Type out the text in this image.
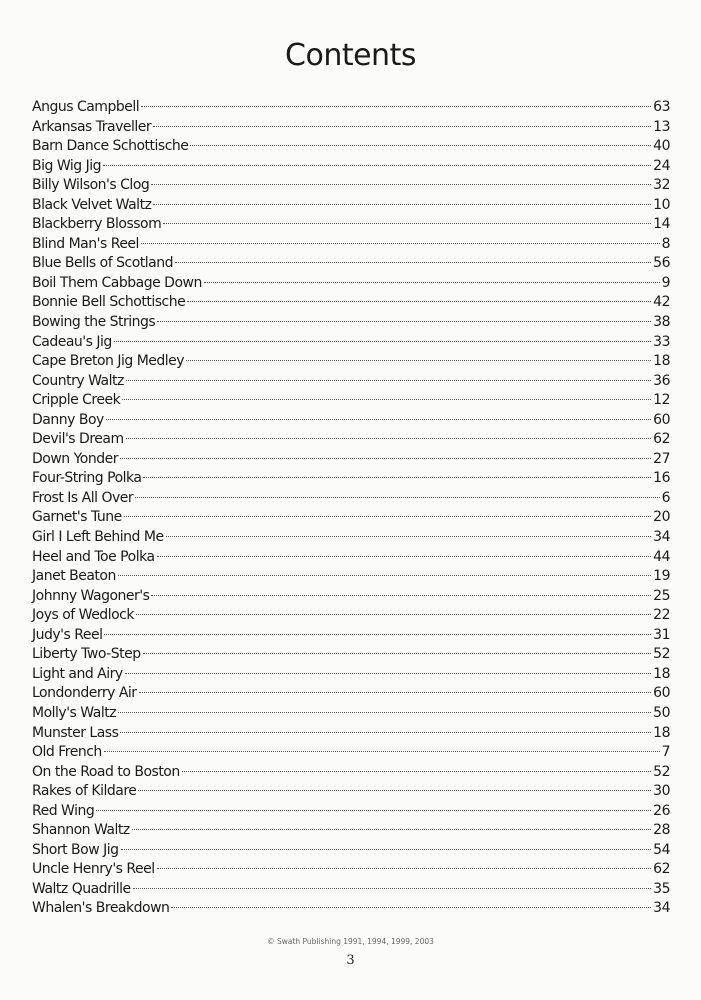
Contents
Angus Campbell	63
Arkansas Traveller	13
Barn Dance Schottische	40
Big Wig Jig	24
Billy Wilson's Clog	32
Black Velvet Waltz	10
Blackberry Blossom	14
Blind Man's Reel	8
Blue Bells of Scotland	56
Boil Them Cabbage Down	9
Bonnie Bell Schottische	42
Bowing the Strings	38
Cadeau's Jig	33
Cape Breton Jig Medley	18
Country Waltz	36
Cripple Creek	12
Danny Boy	60
Devil's Dream	62
Down Yonder	27
Four-String Polka	16
Frost Is All Over	6
Garnet's Tune	20
Girl I Left Behind Me	34
Heel and Toe Polka	44
Janet Beaton	19
Johnny Wagoner's	25
Joys of Wedlock	22
Judy's Reel	31
Liberty Two-Step	52
Light and Airy	18
Londonderry Air	60
Molly's Waltz	50
Munster Lass	18
Old French	7
On the Road to Boston	52
Rakes of Kildare	30
Red Wing	26
Shannon Waltz	28
Short Bow Jig	54
Uncle Henry's Reel	62
Waltz Quadrille	35
Whalen's Breakdown	34
© Swath Publishing 1991, 1994, 1999, 2003
3
